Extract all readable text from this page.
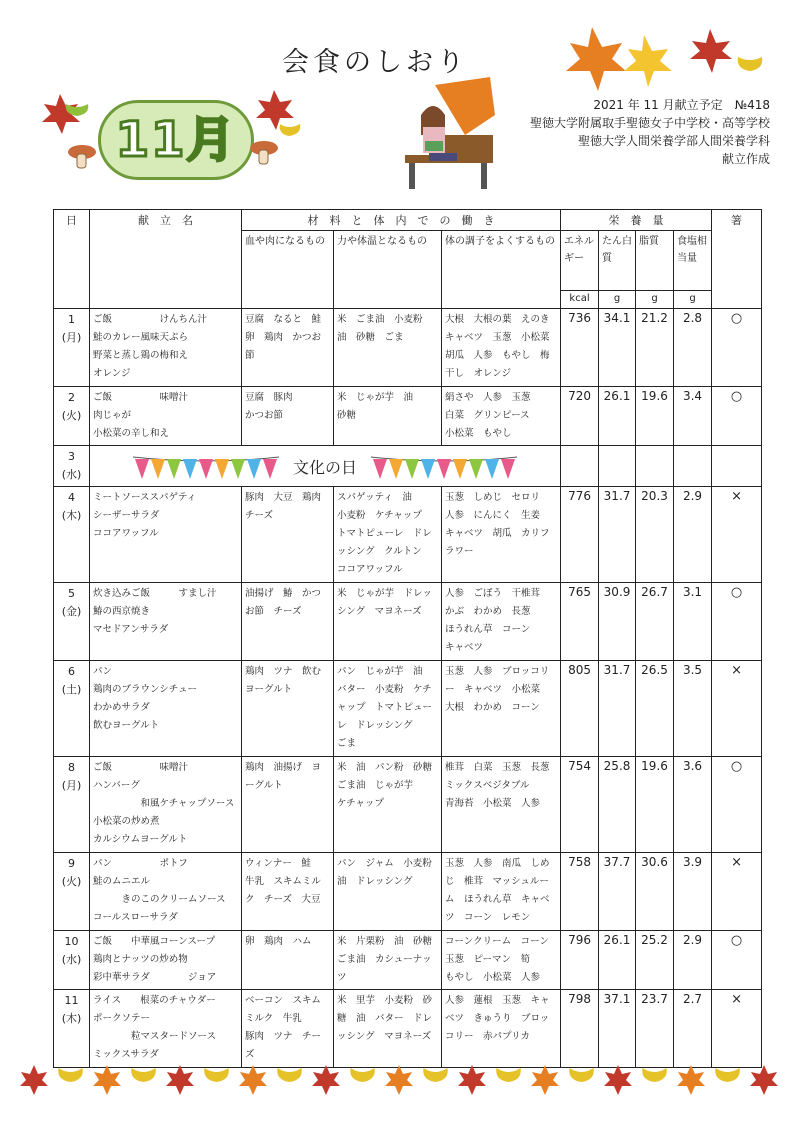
会食のしおり
2021 年 11 月献立予定　№418
聖徳大学附属取手聖徳女子中学校・高等学校
聖徳大学人間栄養学部人間栄養学科
献立作成
11月
日	献　立　名	材　料　と　体　内　で　の　働　き			栄　養　量				箸
		血や肉になるもの	力や体温となるもの	体の調子をよくするもの	エネルギー	たん白質	脂質	食塩相当量	
					kcal	g	g	g	

1
(月)	ご飯　　　　　けんちん汁
鮭のカレー風味天ぷら
野菜と蒸し鶏の梅和え
オレンジ	豆腐　なると　鮭
卵　鶏肉　かつお
節	米　ごま油　小麦粉
油　砂糖　ごま	大根　大根の葉　えのき
キャベツ　玉葱　小松菜
胡瓜　人参　もやし　梅
干し　オレンジ	736	34.1	21.2	2.8	○

2
(火)	ご飯　　　　　味噌汁
肉じゃが
小松菜の辛し和え	豆腐　豚肉
かつお節	米　じゃが芋　油
砂糖	絹さや　人参　玉葱
白菜　グリンピース
小松菜　もやし	720	26.1	19.6	3.4	○

3
(水)	文化の日								

4
(木)	ミートソーススパゲティ
シーザーサラダ
ココアワッフル	豚肉　大豆　鶏肉
チーズ	スパゲッティ　油
小麦粉　ケチャップ
トマトピューレ　ドレ
ッシング　クルトン
ココアワッフル	玉葱　しめじ　セロリ
人参　にんにく　生姜
キャベツ　胡瓜　カリフ
ラワー	776	31.7	20.3	2.9	×

5
(金)	炊き込みご飯　　　すまし汁
鰆の西京焼き
マセドアンサラダ	油揚げ　鰆　かつ
お節　チーズ	米　じゃが芋　ドレッ
シング　マヨネーズ	人参　ごぼう　干椎茸
かぶ　わかめ　長葱
ほうれん草　コーン
キャベツ	765	30.9	26.7	3.1	○

6
(土)	パン
鶏肉のブラウンシチュー
わかめサラダ
飲むヨーグルト	鶏肉　ツナ　飲む
ヨーグルト	パン　じゃが芋　油
バター　小麦粉　ケチ
ャップ　トマトピュー
レ　ドレッシング
ごま	玉葱　人参　ブロッコリ
ー　キャベツ　小松菜
大根　わかめ　コーン	805	31.7	26.5	3.5	×

8
(月)	ご飯　　　　　味噌汁
ハンバーグ
　　　　　和風ケチャップソース
小松菜の炒め煮
カルシウムヨーグルト	鶏肉　油揚げ　ヨ
ーグルト	米　油　パン粉　砂糖
ごま油　じゃが芋
ケチャップ	椎茸　白菜　玉葱　長葱
ミックスベジタブル
青海苔　小松菜　人参	754	25.8	19.6	3.6	○

9
(火)	パン　　　　　ポトフ
鮭のムニエル
　　　きのこのクリームソース
コールスローサラダ	ウィンナー　鮭
牛乳　スキムミル
ク　チーズ　大豆	パン　ジャム　小麦粉
油　ドレッシング	玉葱　人参　南瓜　しめ
じ　椎茸　マッシュルー
ム　ほうれん草　キャベ
ツ　コーン　レモン	758	37.7	30.6	3.9	×

10
(水)	ご飯　　中華風コーンスープ
鶏肉とナッツの炒め物
彩中華サラダ　　　　ジョア	卵　鶏肉　ハム	米　片栗粉　油　砂糖
ごま油　カシューナッ
ツ	コーンクリーム　コーン
玉葱　ピーマン　筍
もやし　小松菜　人参	796	26.1	25.2	2.9	○

11
(木)	ライス　　根菜のチャウダー
ポークソテー
　　　　粒マスタードソース
ミックスサラダ	ベーコン　スキム
ミルク　牛乳
豚肉　ツナ　チー
ズ	米　里芋　小麦粉　砂
糖　油　バター　ドレ
ッシング　マヨネーズ	人参　蓮根　玉葱　キャ
ベツ　きゅうり　ブロッ
コリー　赤パプリカ	798	37.1	23.7	2.7	×
